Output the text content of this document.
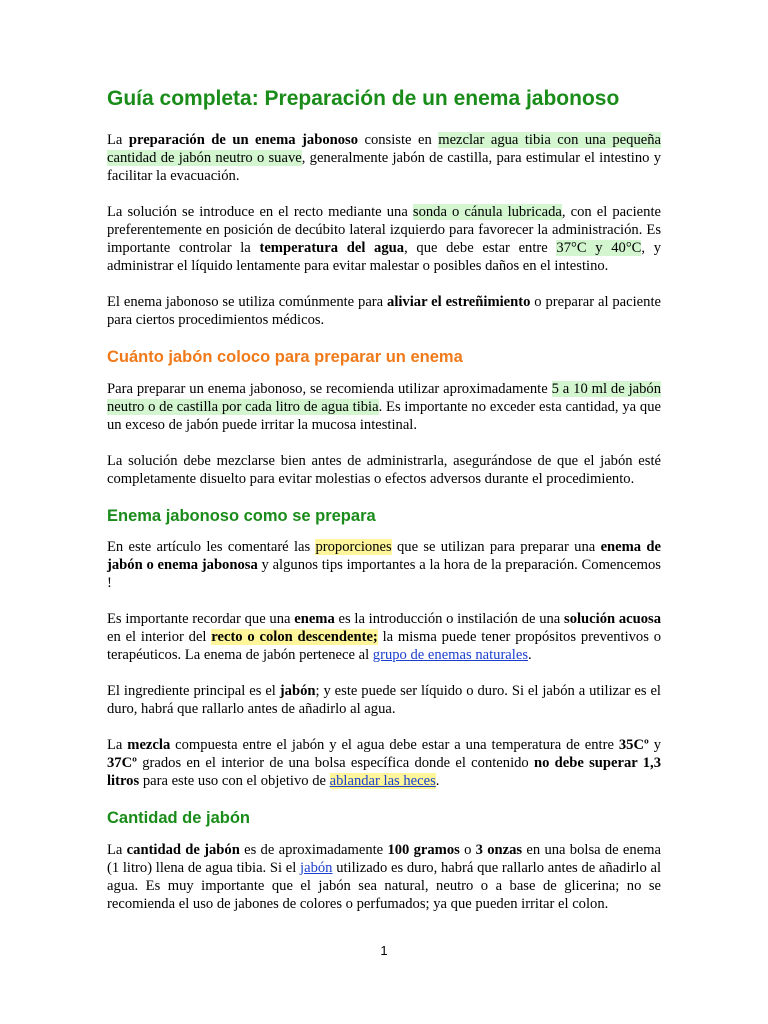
Guía completa: Preparación de un enema jabonoso

La preparación de un enema jabonoso consiste en mezclar agua tibia con una pequeña cantidad de jabón neutro o suave, generalmente jabón de castilla, para estimular el intestino y facilitar la evacuación.

La solución se introduce en el recto mediante una sonda o cánula lubricada, con el paciente preferentemente en posición de decúbito lateral izquierdo para favorecer la administración. Es importante controlar la temperatura del agua, que debe estar entre 37°C y 40°C, y administrar el líquido lentamente para evitar malestar o posibles daños en el intestino.

El enema jabonoso se utiliza comúnmente para aliviar el estreñimiento o preparar al paciente para ciertos procedimientos médicos.

Cuánto jabón coloco para preparar un enema

Para preparar un enema jabonoso, se recomienda utilizar aproximadamente 5 a 10 ml de jabón neutro o de castilla por cada litro de agua tibia. Es importante no exceder esta cantidad, ya que un exceso de jabón puede irritar la mucosa intestinal.

La solución debe mezclarse bien antes de administrarla, asegurándose de que el jabón esté completamente disuelto para evitar molestias o efectos adversos durante el procedimiento.

Enema jabonoso como se prepara

En este artículo les comentaré las proporciones que se utilizan para preparar una enema de jabón o enema jabonosa y algunos tips importantes a la hora de la preparación. Comencemos !

Es importante recordar que una enema es la introducción o instilación de una solución acuosa en el interior del recto o colon descendente; la misma puede tener propósitos preventivos o terapéuticos. La enema de jabón pertenece al grupo de enemas naturales.

El ingrediente principal es el jabón; y este puede ser líquido o duro. Si el jabón a utilizar es el duro, habrá que rallarlo antes de añadirlo al agua.

La mezcla compuesta entre el jabón y el agua debe estar a una temperatura de entre 35Cº y 37Cº grados en el interior de una bolsa específica donde el contenido no debe superar 1,3 litros para este uso con el objetivo de ablandar las heces.

Cantidad de jabón

La cantidad de jabón es de aproximadamente 100 gramos o 3 onzas en una bolsa de enema (1 litro) llena de agua tibia. Si el jabón utilizado es duro, habrá que rallarlo antes de añadirlo al agua. Es muy importante que el jabón sea natural, neutro o a base de glicerina; no se recomienda el uso de jabones de colores o perfumados; ya que pueden irritar el colon.

1
